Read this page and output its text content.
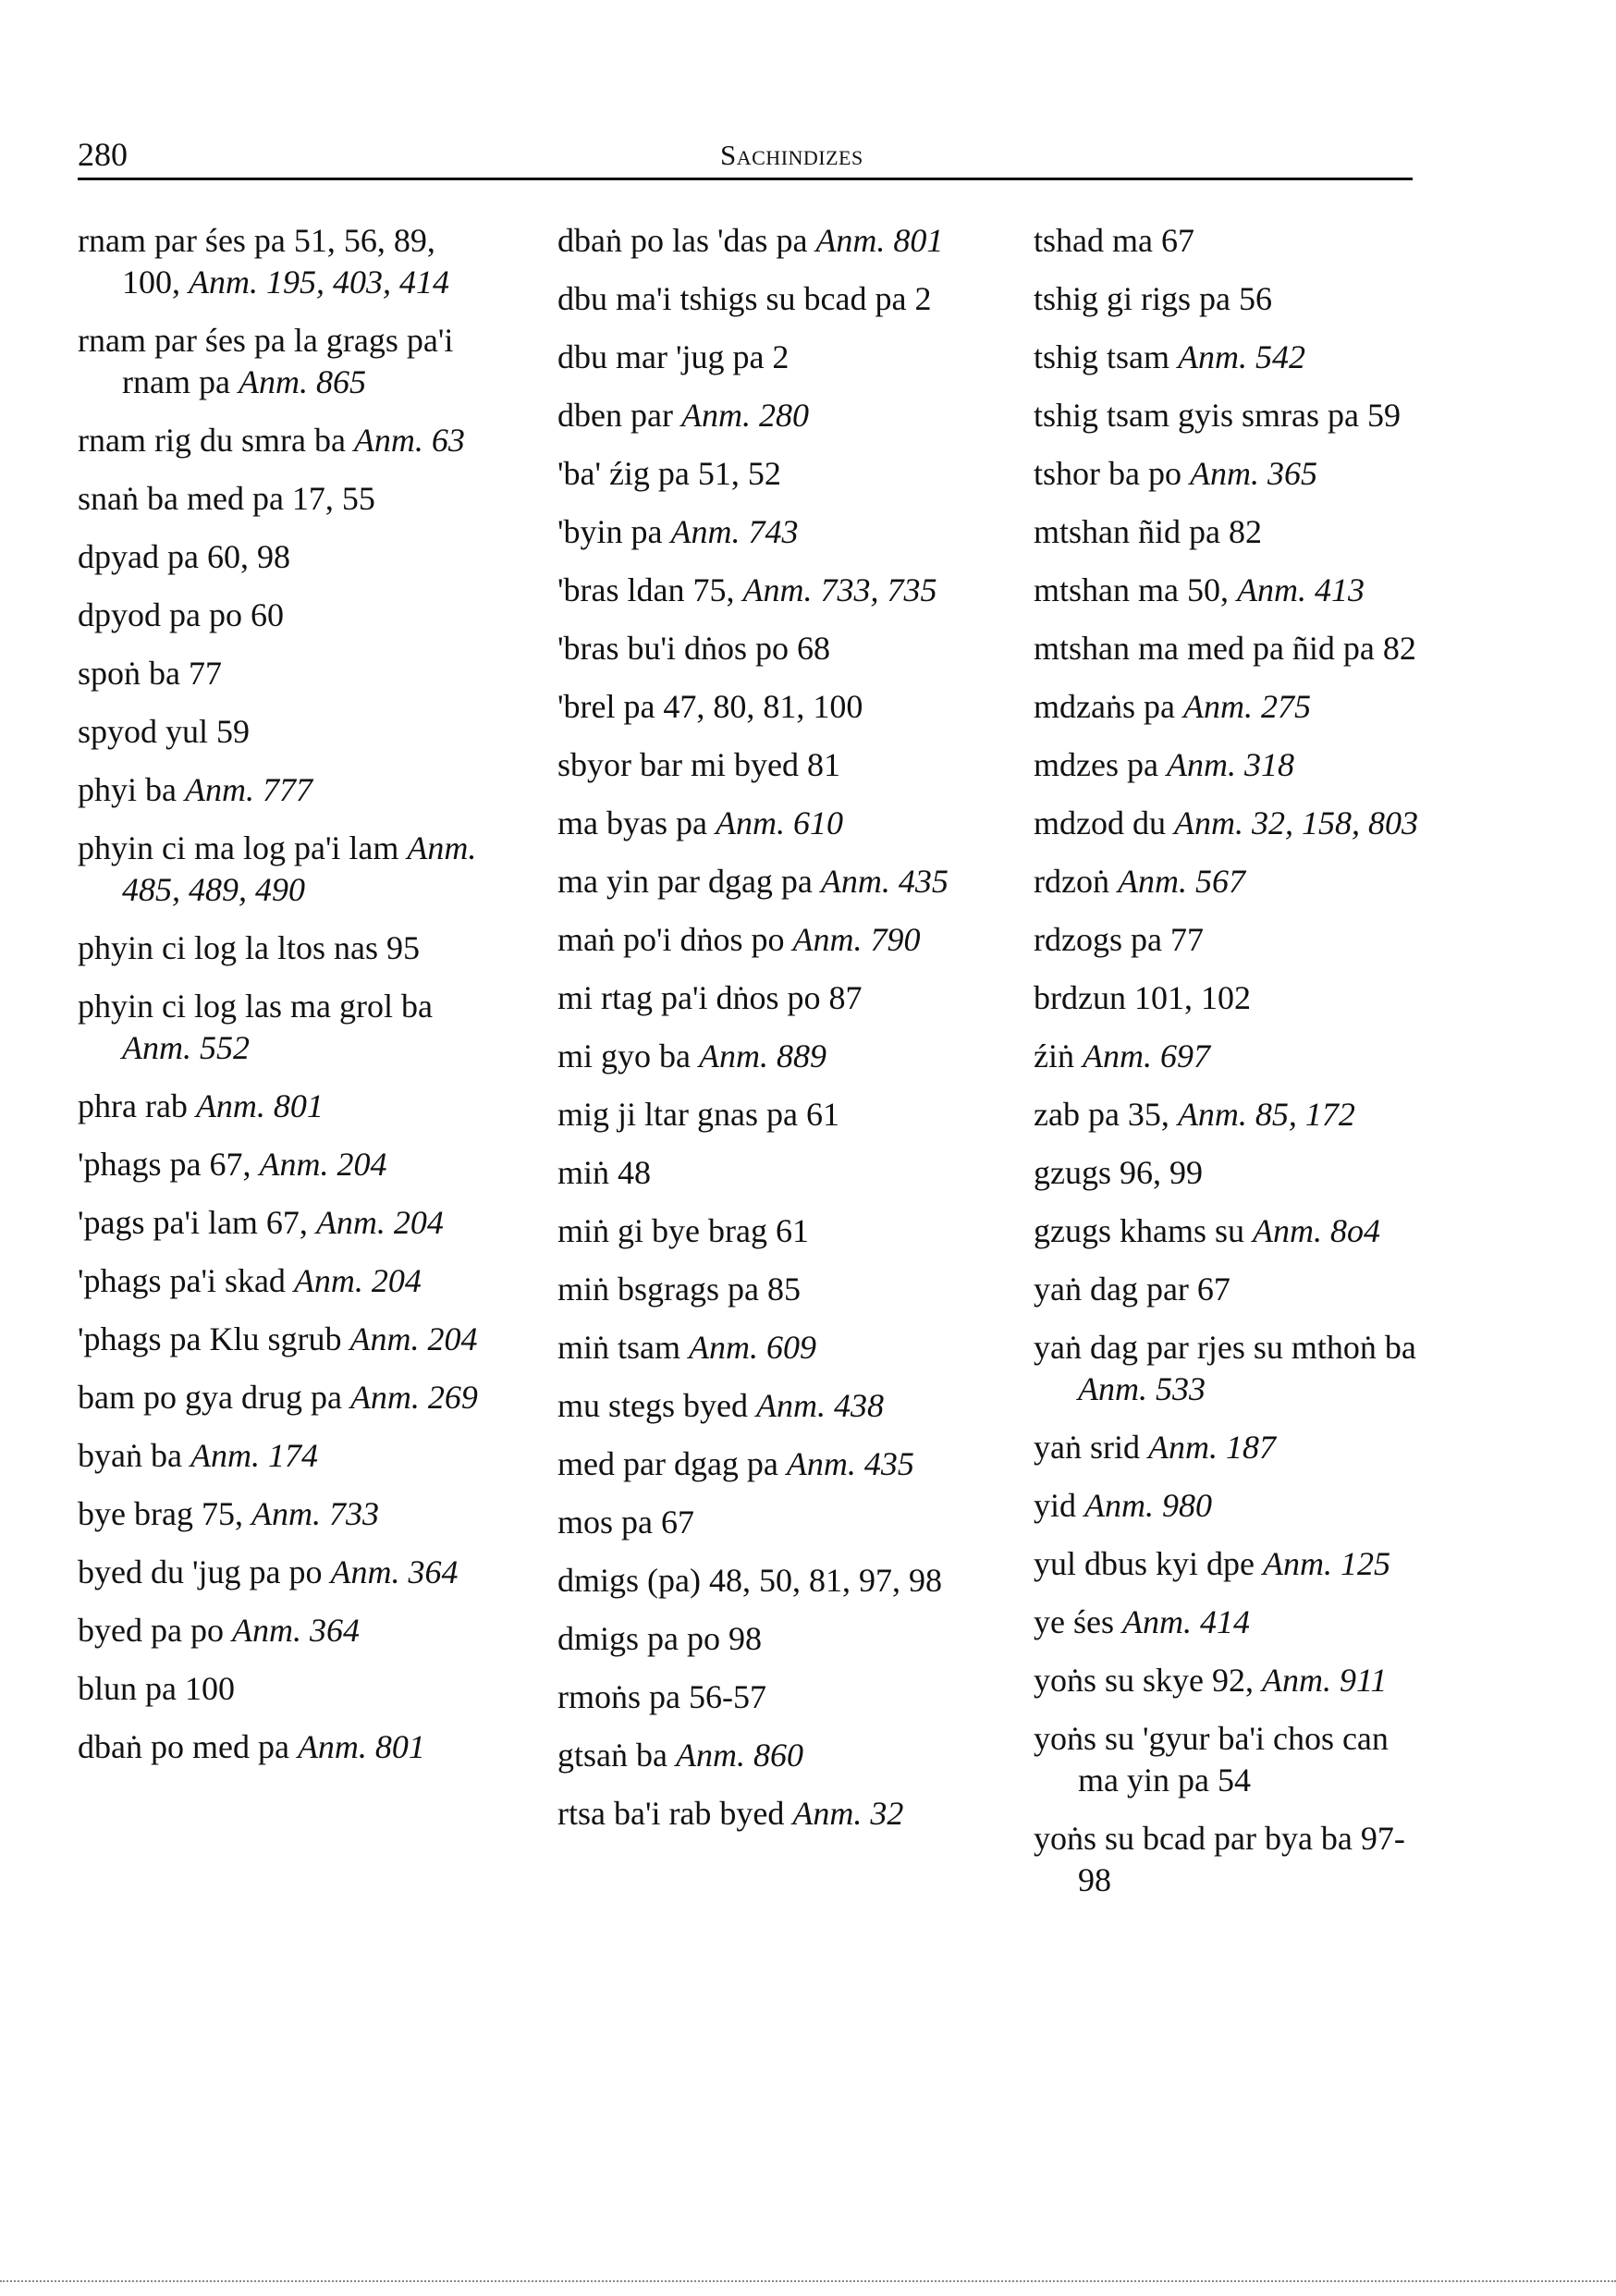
280	Sachindizes
rnam par śes pa 51, 56, 89, 100, Anm. 195, 403, 414
rnam par śes pa la grags pa'i rnam pa Anm. 865
rnam rig du smra ba Anm. 63
snaṅ ba med pa 17, 55
dpyad pa 60, 98
dpyod pa po 60
spoṅ ba 77
spyod yul 59
phyi ba Anm. 777
phyin ci ma log pa'i lam Anm. 485, 489, 490
phyin ci log la ltos nas 95
phyin ci log las ma grol ba Anm. 552
phra rab Anm. 801
'phags pa 67, Anm. 204
'pags pa'i lam 67, Anm. 204
'phags pa'i skad Anm. 204
'phags pa Klu sgrub Anm. 204
bam po gya drug pa Anm. 269
byaṅ ba Anm. 174
bye brag 75, Anm. 733
byed du 'jug pa po Anm. 364
byed pa po Anm. 364
blun pa 100
dbaṅ po med pa Anm. 801
dbaṅ po las 'das pa Anm. 801
dbu ma'i tshigs su bcad pa 2
dbu mar 'jug pa 2
dben par Anm. 280
'ba' źig pa 51, 52
'byin pa Anm. 743
'bras ldan 75, Anm. 733, 735
'bras bu'i dṅos po 68
'brel pa 47, 80, 81, 100
sbyor bar mi byed 81
ma byas pa Anm. 610
ma yin par dgag pa Anm. 435
maṅ po'i dṅos po Anm. 790
mi rtag pa'i dṅos po 87
mi gyo ba Anm. 889
mig ji ltar gnas pa 61
miṅ 48
miṅ gi bye brag 61
miṅ bsgrags pa 85
miṅ tsam Anm. 609
mu stegs byed Anm. 438
med par dgag pa Anm. 435
mos pa 67
dmigs (pa) 48, 50, 81, 97, 98
dmigs pa po 98
rmoṅs pa 56-57
gtsaṅ ba Anm. 860
rtsa ba'i rab byed Anm. 32
tshad ma 67
tshig gi rigs pa 56
tshig tsam Anm. 542
tshig tsam gyis smras pa 59
tshor ba po Anm. 365
mtshan ñid pa 82
mtshan ma 50, Anm. 413
mtshan ma med pa ñid pa 82
mdzaṅs pa Anm. 275
mdzes pa Anm. 318
mdzod du Anm. 32, 158, 803
rdzoṅ Anm. 567
rdzogs pa 77
brdzun 101, 102
źiṅ Anm. 697
zab pa 35, Anm. 85, 172
gzugs 96, 99
gzugs khams su Anm. 8o4
yaṅ dag par 67
yaṅ dag par rjes su mthoṅ ba Anm. 533
yaṅ srid Anm. 187
yid Anm. 980
yul dbus kyi dpe Anm. 125
ye śes Anm. 414
yoṅs su skye 92, Anm. 911
yoṅs su 'gyur ba'i chos can ma yin pa 54
yoṅs su bcad par bya ba 97-98
